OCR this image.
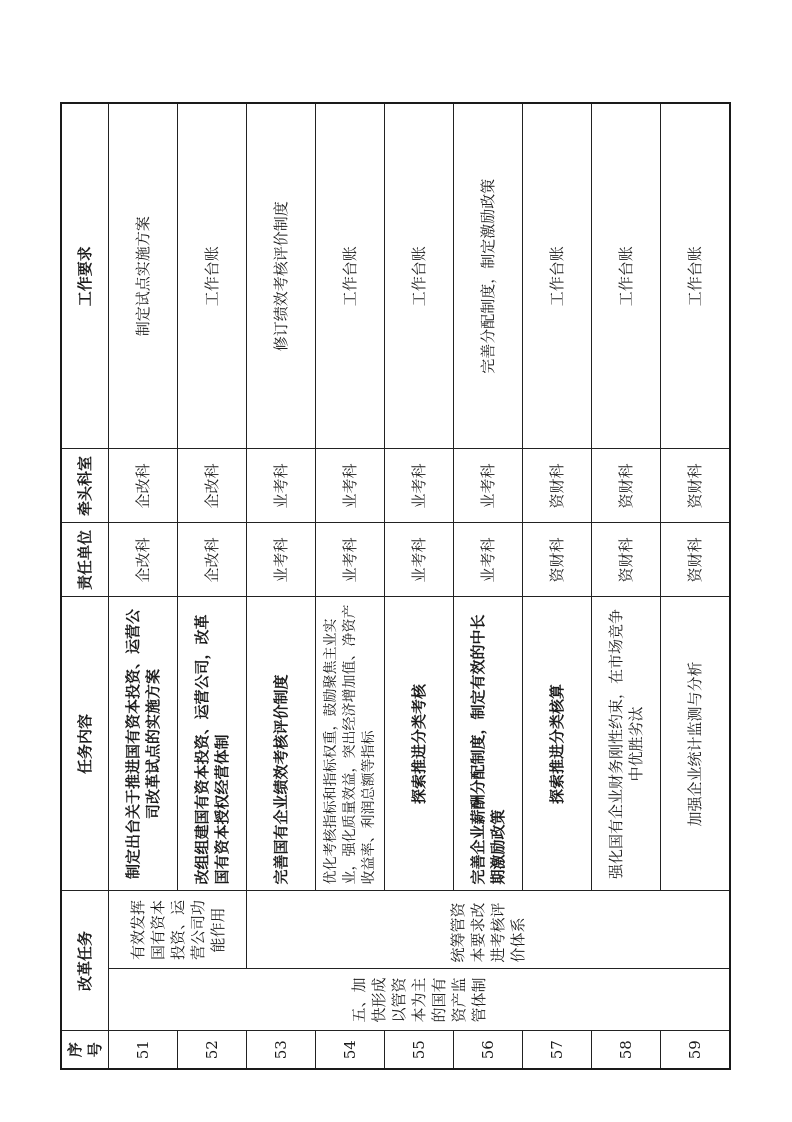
序号	改革任务		任务内容	责任单位	牵头科室	工作要求
51	五、加快形成以管资本为主的国有资产监管体制	有效发挥国有资本投资、运营公司功能作用	制定出台关于推进国有资本投资、运营公司改革试点的实施方案	企改科	企改科	制定试点实施方案
52			改组组建国有资本投资、运营公司，改革国有资本授权经营体制	企改科	企改科	工作台账
53		统筹管资本要求改进考核评价体系	完善国有企业绩效考核评价制度	业考科	业考科	修订绩效考核评价制度
54			优化考核指标和指标权重，鼓励聚焦主业实业，强化质量效益，突出经济增加值、净资产收益率、利润总额等指标	业考科	业考科	工作台账
55			探索推进分类考核	业考科	业考科	工作台账
56			完善企业薪酬分配制度，制定有效的中长期激励政策	业考科	业考科	完善分配制度，制定激励政策
57			探索推进分类核算	资财科	资财科	工作台账
58			强化国有企业财务刚性约束，在市场竞争中优胜劣汰	资财科	资财科	工作台账
59			加强企业统计监测与分析	资财科	资财科	工作台账
